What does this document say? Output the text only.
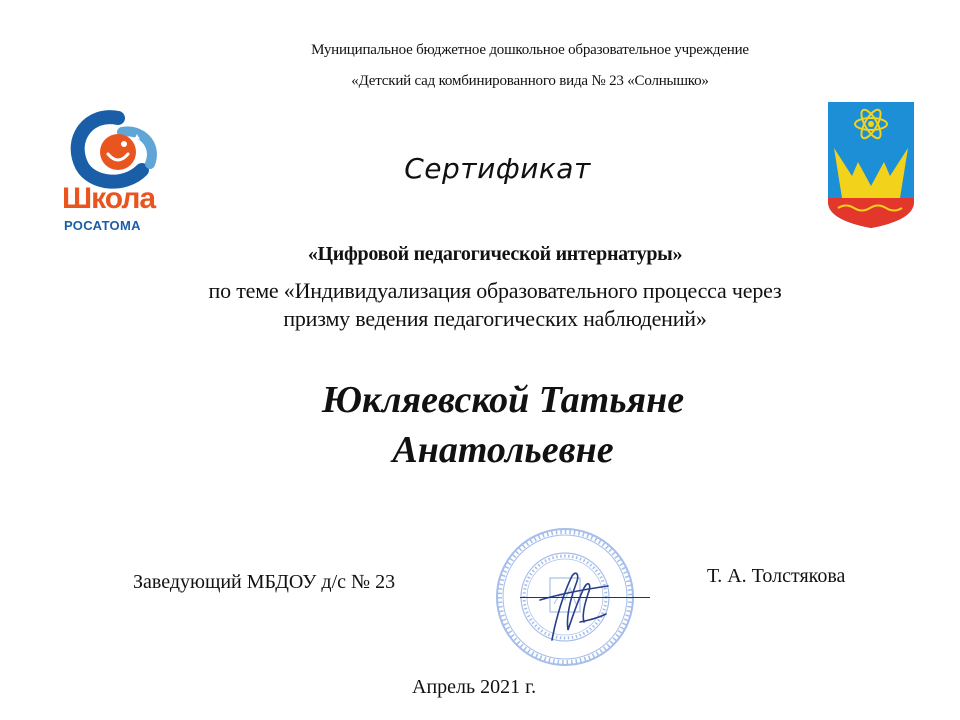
Муниципальное бюджетное дошкольное образовательное учреждение
«Детский сад комбинированного вида № 23 «Солнышко»
Школа
РОСАТОМА
Сертификат
«Цифровой педагогической интернатуры»
по теме «Индивидуализация образовательного процесса через
призму ведения педагогических наблюдений»
Юкляевской Татьяне
Анатольевне
Заведующий МБДОУ д/с № 23	Т. А. Толстякова
Апрель 2021 г.
